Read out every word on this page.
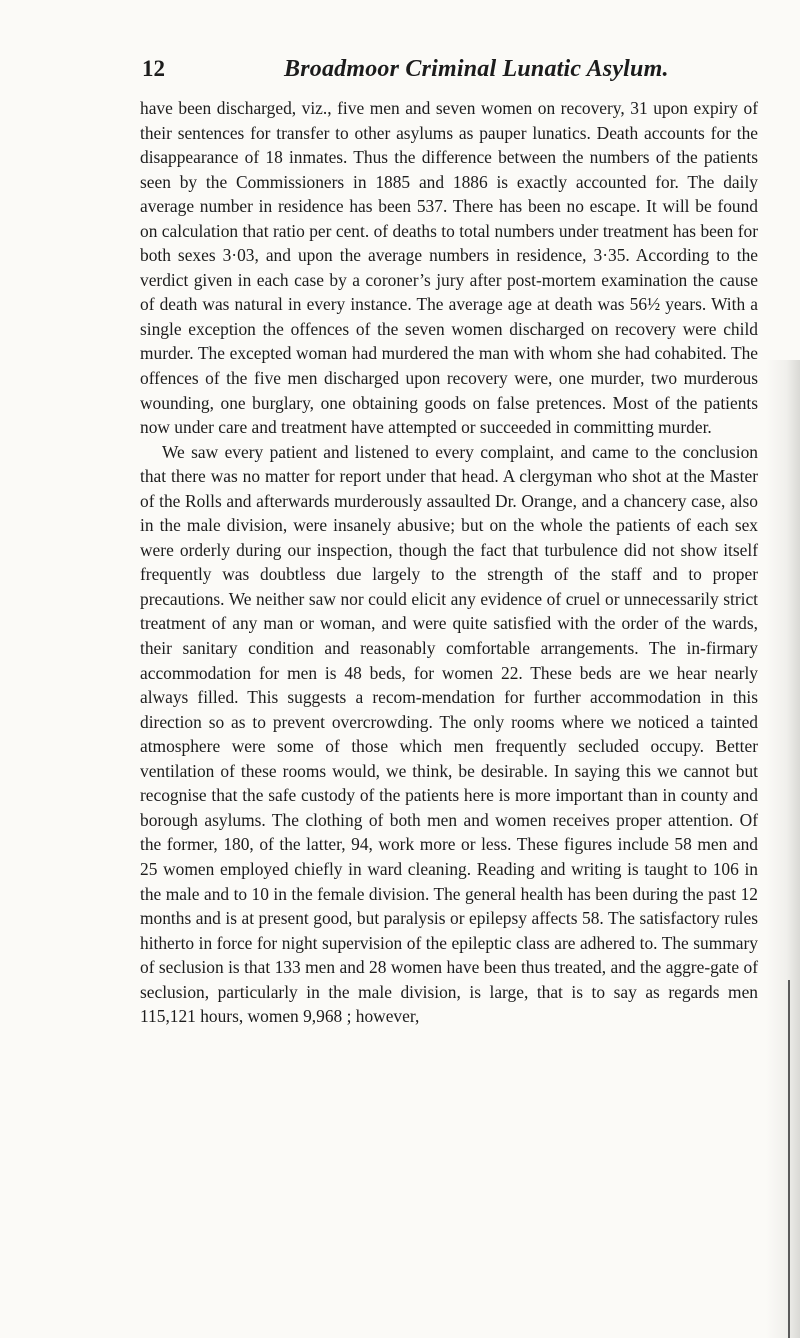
12	Broadmoor Criminal Lunatic Asylum.

have been discharged, viz., five men and seven women on recovery, 31 upon expiry of their sentences for transfer to other asylums as pauper lunatics. Death accounts for the disappearance of 18 inmates. Thus the difference between the numbers of the patients seen by the Commissioners in 1885 and 1886 is exactly accounted for. The daily average number in residence has been 537. There has been no escape. It will be found on calculation that ratio per cent. of deaths to total numbers under treatment has been for both sexes 3·03, and upon the average numbers in residence, 3·35. According to the verdict given in each case by a coroner’s jury after post-mortem examination the cause of death was natural in every instance. The average age at death was 56½ years. With a single exception the offences of the seven women discharged on recovery were child murder. The excepted woman had murdered the man with whom she had cohabited. The offences of the five men discharged upon recovery were, one murder, two murderous wounding, one burglary, one obtaining goods on false pretences. Most of the patients now under care and treatment have attempted or succeeded in committing murder.

We saw every patient and listened to every complaint, and came to the conclusion that there was no matter for report under that head. A clergyman who shot at the Master of the Rolls and afterwards murderously assaulted Dr. Orange, and a chancery case, also in the male division, were insanely abusive; but on the whole the patients of each sex were orderly during our inspection, though the fact that turbulence did not show itself frequently was doubtless due largely to the strength of the staff and to proper precautions. We neither saw nor could elicit any evidence of cruel or unnecessarily strict treatment of any man or woman, and were quite satisfied with the order of the wards, their sanitary condition and reasonably comfortable arrangements. The in-firmary accommodation for men is 48 beds, for women 22. These beds are we hear nearly always filled. This suggests a recom-mendation for further accommodation in this direction so as to prevent overcrowding. The only rooms where we noticed a tainted atmosphere were some of those which men frequently secluded occupy. Better ventilation of these rooms would, we think, be desirable. In saying this we cannot but recognise that the safe custody of the patients here is more important than in county and borough asylums. The clothing of both men and women receives proper attention. Of the former, 180, of the latter, 94, work more or less. These figures include 58 men and 25 women employed chiefly in ward cleaning. Reading and writing is taught to 106 in the male and to 10 in the female division. The general health has been during the past 12 months and is at present good, but paralysis or epilepsy affects 58. The satisfactory rules hitherto in force for night supervision of the epileptic class are adhered to. The summary of seclusion is that 133 men and 28 women have been thus treated, and the aggre-gate of seclusion, particularly in the male division, is large, that is to say as regards men 115,121 hours, women 9,968 ; however,
